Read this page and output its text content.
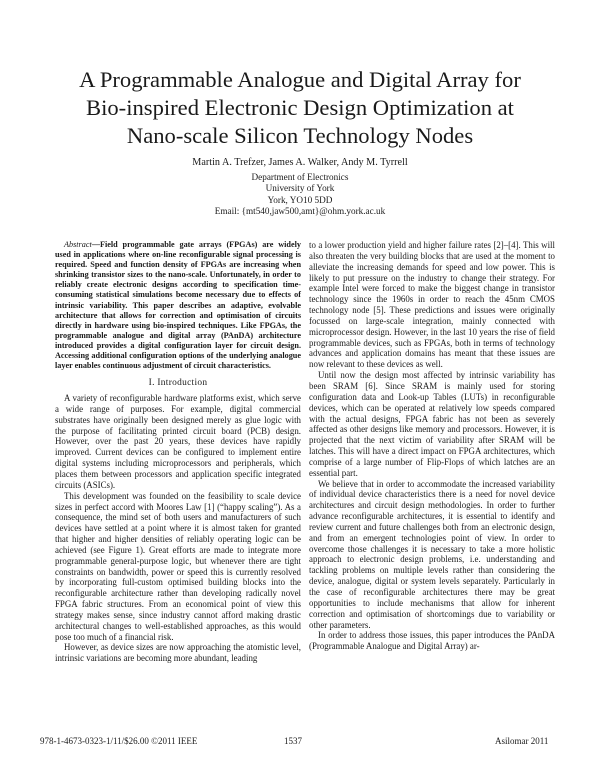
A Programmable Analogue and Digital Array for
Bio-inspired Electronic Design Optimization at
Nano-scale Silicon Technology Nodes
Martin A. Trefzer, James A. Walker, Andy M. Tyrrell
Department of Electronics
University of York
York, YO10 5DD
Email: {mt540,jaw500,amt}@ohm.york.ac.uk

Abstract—Field programmable gate arrays (FPGAs) are widely used in applications where on-line reconfigurable signal processing is required. Speed and function density of FPGAs are increasing when shrinking transistor sizes to the nano-scale. Unfortunately, in order to reliably create electronic designs according to specification time-consuming statistical simulations become necessary due to effects of intrinsic variability. This paper describes an adaptive, evolvable architecture that allows for correction and optimisation of circuits directly in hardware using bio-inspired techniques. Like FPGAs, the programmable analogue and digital array (PAnDA) architecture introduced provides a digital configuration layer for circuit design. Accessing additional configuration options of the underlying analogue layer enables continuous adjustment of circuit characteristics.

I. Introduction

A variety of reconfigurable hardware platforms exist, which serve a wide range of purposes. For example, digital commercial substrates have originally been designed merely as glue logic with the purpose of facilitating printed circuit board (PCB) design. However, over the past 20 years, these devices have rapidly improved. Current devices can be configured to implement entire digital systems including microprocessors and peripherals, which places them between processors and application specific integrated circuits (ASICs).

This development was founded on the feasibility to scale device sizes in perfect accord with Moores Law [1] (“happy scaling”). As a consequence, the mind set of both users and manufacturers of such devices have settled at a point where it is almost taken for granted that higher and higher densities of reliably operating logic can be achieved (see Figure 1). Great efforts are made to integrate more programmable general-purpose logic, but whenever there are tight constraints on bandwidth, power or speed this is currently resolved by incorporating full-custom optimised building blocks into the reconfigurable architecture rather than developing radically novel FPGA fabric structures. From an economical point of view this strategy makes sense, since industry cannot afford making drastic architectural changes to well-established approaches, as this would pose too much of a financial risk.

However, as device sizes are now approaching the atomistic level, intrinsic variations are becoming more abundant, leading

to a lower production yield and higher failure rates [2]–[4]. This will also threaten the very building blocks that are used at the moment to alleviate the increasing demands for speed and low power. This is likely to put pressure on the industry to change their strategy. For example Intel were forced to make the biggest change in transistor technology since the 1960s in order to reach the 45nm CMOS technology node [5]. These predictions and issues were originally focussed on large-scale integration, mainly connected with microprocessor design. However, in the last 10 years the rise of field programmable devices, such as FPGAs, both in terms of technology advances and application domains has meant that these issues are now relevant to these devices as well.

Until now the design most affected by intrinsic variability has been SRAM [6]. Since SRAM is mainly used for storing configuration data and Look-up Tables (LUTs) in reconfigurable devices, which can be operated at relatively low speeds compared with the actual designs, FPGA fabric has not been as severely affected as other designs like memory and processors. However, it is projected that the next victim of variability after SRAM will be latches. This will have a direct impact on FPGA architectures, which comprise of a large number of Flip-Flops of which latches are an essential part.

We believe that in order to accommodate the increased variability of individual device characteristics there is a need for novel device architectures and circuit design methodologies. In order to further advance reconfigurable architectures, it is essential to identify and review current and future challenges both from an electronic design, and from an emergent technologies point of view. In order to overcome those challenges it is necessary to take a more holistic approach to electronic design problems, i.e. understanding and tackling problems on multiple levels rather than considering the device, analogue, digital or system levels separately. Particularly in the case of reconfigurable architectures there may be great opportunities to include mechanisms that allow for inherent correction and optimisation of shortcomings due to variability or other parameters.

In order to address those issues, this paper introduces the PAnDA (Programmable Analogue and Digital Array) ar-

978-1-4673-0323-1/11/$26.00 ©2011 IEEE	1537	Asilomar 2011
